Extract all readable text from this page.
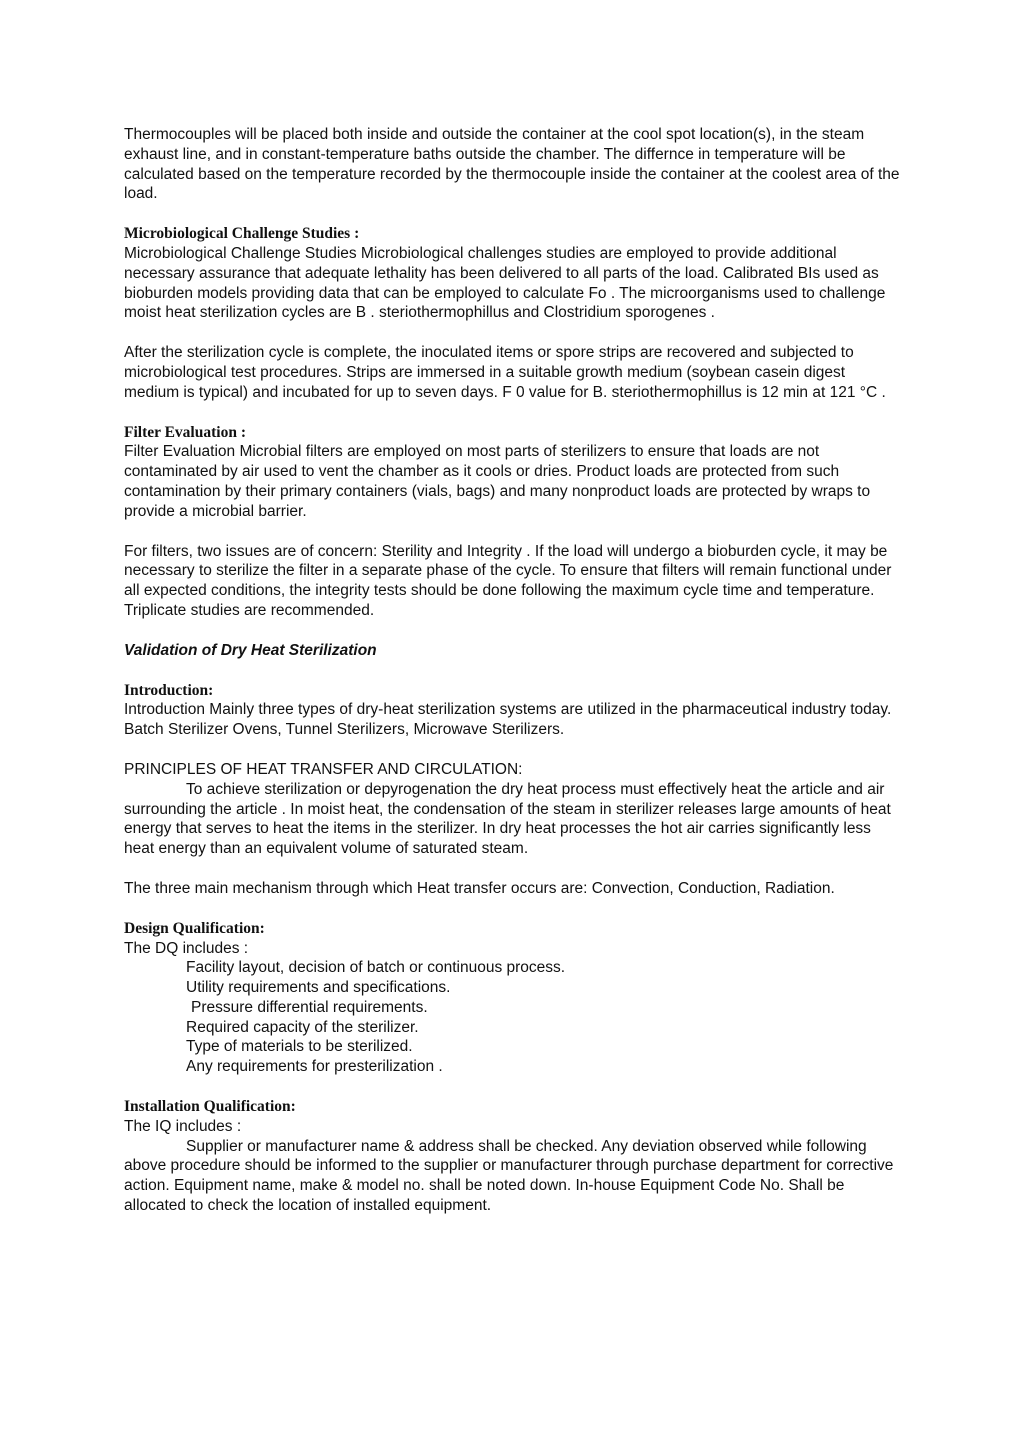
Thermocouples will be placed both inside and outside the container at the cool spot location(s), in the steam exhaust line, and in constant-temperature baths outside the chamber. The differnce in temperature will be calculated based on the temperature recorded by the thermocouple inside the container at the coolest area of the load.

Microbiological Challenge Studies :

Microbiological Challenge Studies Microbiological challenges studies are employed to provide additional necessary assurance that adequate lethality has been delivered to all parts of the load. Calibrated BIs used as bioburden models providing data that can be employed to calculate Fo . The microorganisms used to challenge moist heat sterilization cycles are B . steriothermophillus and Clostridium sporogenes .

After the sterilization cycle is complete, the inoculated items or spore strips are recovered and subjected to microbiological test procedures. Strips are immersed in a suitable growth medium (soybean casein digest medium is typical) and incubated for up to seven days. F 0 value for B. steriothermophillus is 12 min at 121 °C .

Filter Evaluation :

Filter Evaluation Microbial filters are employed on most parts of sterilizers to ensure that loads are not contaminated by air used to vent the chamber as it cools or dries. Product loads are protected from such contamination by their primary containers (vials, bags) and many nonproduct loads are protected by wraps to provide a microbial barrier.

For filters, two issues are of concern: Sterility and Integrity . If the load will undergo a bioburden cycle, it may be necessary to sterilize the filter in a separate phase of the cycle. To ensure that filters will remain functional under all expected conditions, the integrity tests should be done following the maximum cycle time and temperature. Triplicate studies are recommended.

Validation of Dry Heat Sterilization

Introduction:

Introduction Mainly three types of dry-heat sterilization systems are utilized in the pharmaceutical industry today. Batch Sterilizer Ovens, Tunnel Sterilizers, Microwave Sterilizers.

PRINCIPLES OF HEAT TRANSFER AND CIRCULATION:

To achieve sterilization or depyrogenation the dry heat process must effectively heat the article and air surrounding the article . In moist heat, the condensation of the steam in sterilizer releases large amounts of heat energy that serves to heat the items in the sterilizer. In dry heat processes the hot air carries significantly less heat energy than an equivalent volume of saturated steam.

The three main mechanism through which Heat transfer occurs are: Convection, Conduction, Radiation.

Design Qualification:

The DQ includes :

Facility layout, decision of batch or continuous process.
Utility requirements and specifications.
Pressure differential requirements.
Required capacity of the sterilizer.
Type of materials to be sterilized.
Any requirements for presterilization .

Installation Qualification:

The IQ includes :

Supplier or manufacturer name & address shall be checked. Any deviation observed while following above procedure should be informed to the supplier or manufacturer through purchase department for corrective action. Equipment name, make & model no. shall be noted down. In-house Equipment Code No. Shall be allocated to check the location of installed equipment.
